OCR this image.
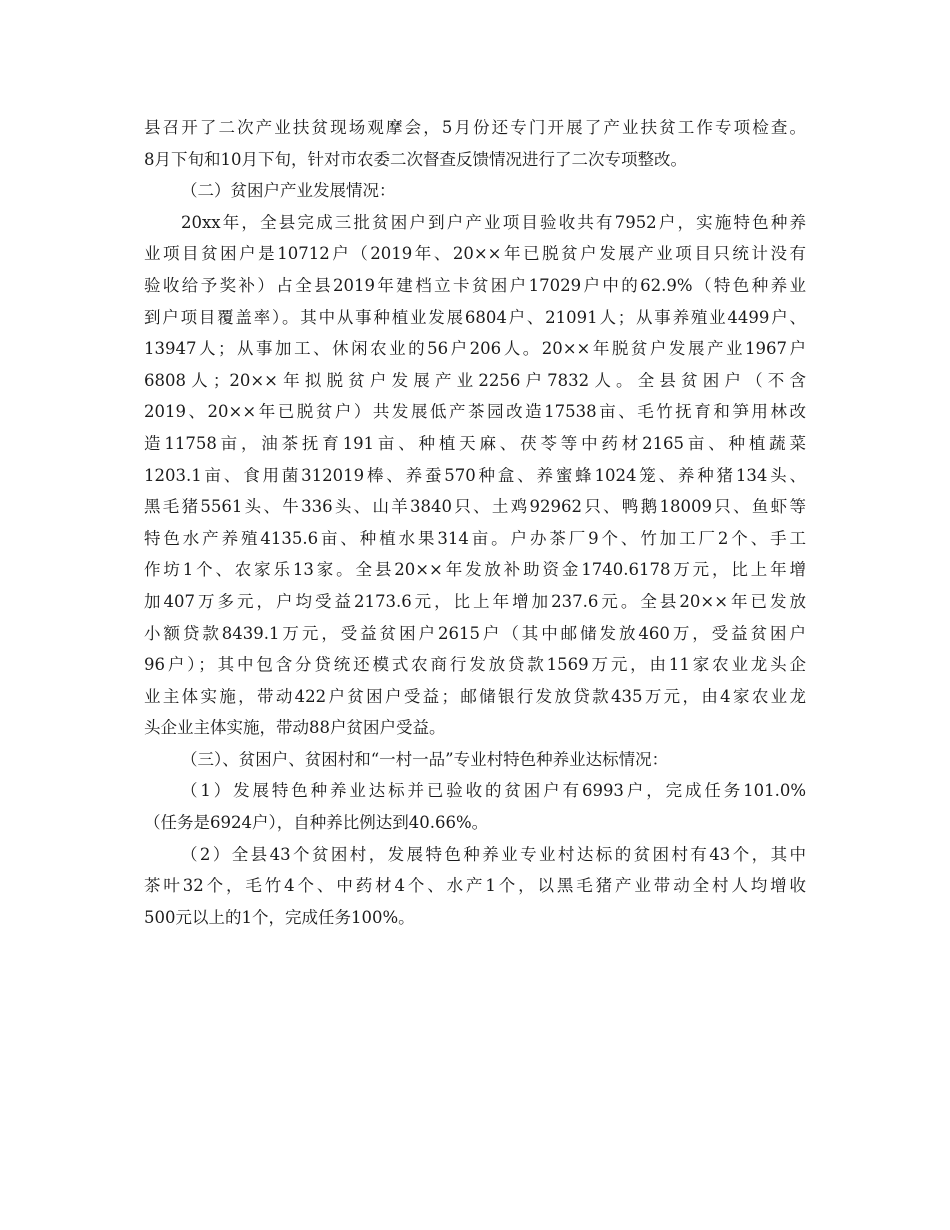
县召开了二次产业扶贫现场观摩会，5月份还专门开展了产业扶贫工作专项检查。
8月下旬和10月下旬，针对市农委二次督查反馈情况进行了二次专项整改。
（二）贫困户产业发展情况：
20xx年，全县完成三批贫困户到户产业项目验收共有7952户，实施特色种养
业项目贫困户是10712户（2019年、20××年已脱贫户发展产业项目只统计没有
验收给予奖补）占全县2019年建档立卡贫困户17029户中的62.9%（特色种养业
到户项目覆盖率）。其中从事种植业发展6804户、21091人；从事养殖业4499户、
13947人；从事加工、休闲农业的56户206人。20××年脱贫户发展产业1967户
6808人；20××年拟脱贫户发展产业2256户7832人。全县贫困户（不含
2019、20××年已脱贫户）共发展低产茶园改造17538亩、毛竹抚育和笋用林改
造11758亩，油茶抚育191亩、种植天麻、茯苓等中药材2165亩、种植蔬菜
1203.1亩、食用菌312019棒、养蚕570种盒、养蜜蜂1024笼、养种猪134头、
黑毛猪5561头、牛336头、山羊3840只、土鸡92962只、鸭鹅18009只、鱼虾等
特色水产养殖4135.6亩、种植水果314亩。户办茶厂9个、竹加工厂2个、手工
作坊1个、农家乐13家。全县20××年发放补助资金1740.6178万元，比上年增
加407万多元，户均受益2173.6元，比上年增加237.6元。全县20××年已发放
小额贷款8439.1万元，受益贫困户2615户（其中邮储发放460万，受益贫困户
96户）；其中包含分贷统还模式农商行发放贷款1569万元，由11家农业龙头企
业主体实施，带动422户贫困户受益；邮储银行发放贷款435万元，由4家农业龙
头企业主体实施，带动88户贫困户受益。
（三）、贫困户、贫困村和“一村一品”专业村特色种养业达标情况：
（1）发展特色种养业达标并已验收的贫困户有6993户，完成任务101.0%
（任务是6924户），自种养比例达到40.66%。
（2）全县43个贫困村，发展特色种养业专业村达标的贫困村有43个，其中
茶叶32个，毛竹4个、中药材4个、水产1个，以黑毛猪产业带动全村人均增收
500元以上的1个，完成任务100%。
